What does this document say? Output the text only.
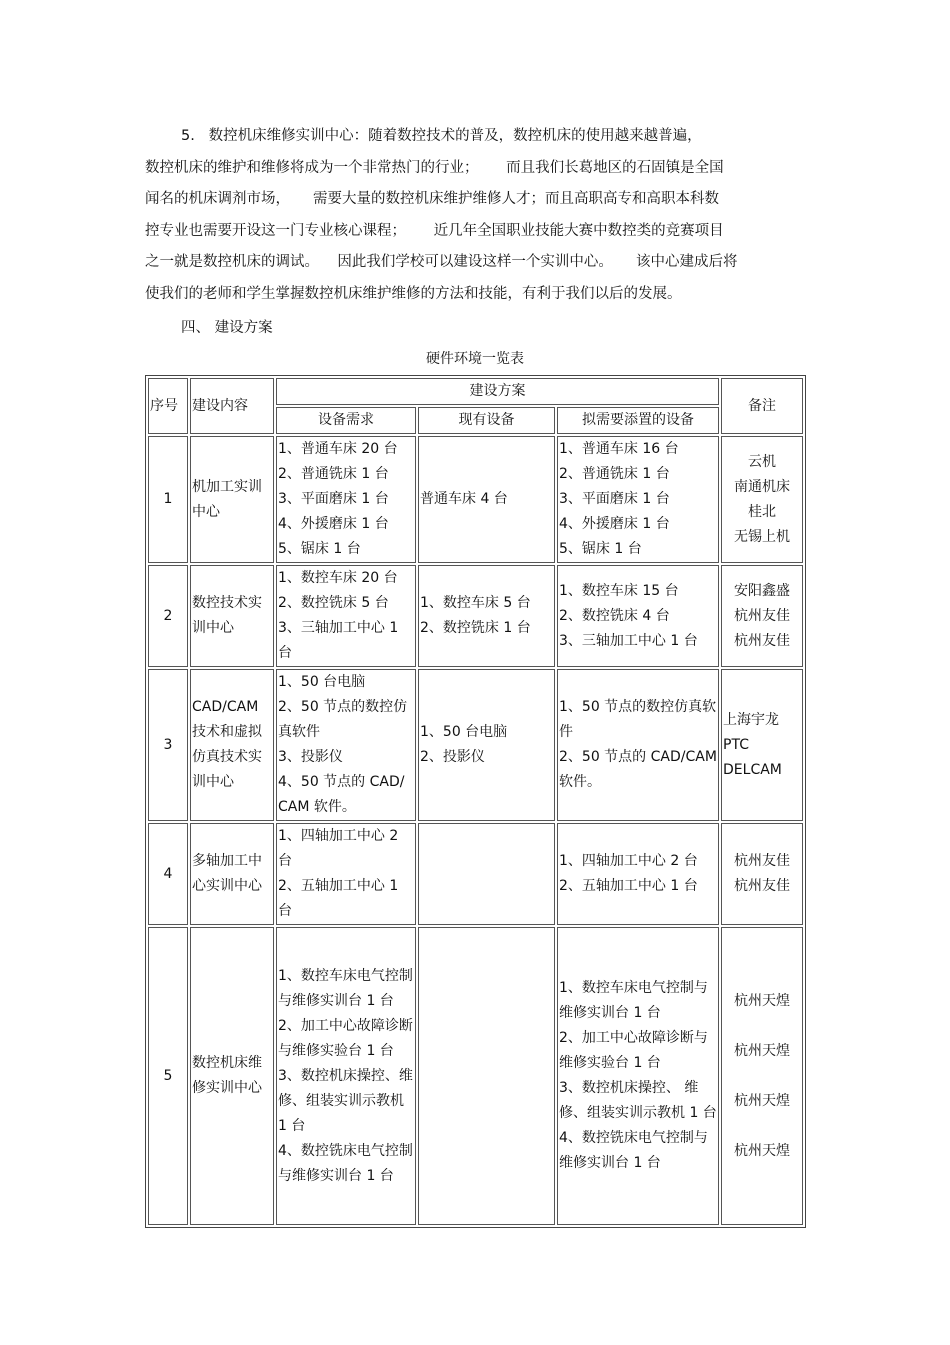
5.   数控机床维修实训中心：随着数控技术的普及，数控机床的使用越来越普遍，
数控机床的维护和维修将成为一个非常热门的行业；      而且我们长葛地区的石固镇是全国
闻名的机床调剂市场，     需要大量的数控机床维护维修人才；而且高职高专和高职本科数
控专业也需要开设这一门专业核心课程；      近几年全国职业技能大赛中数控类的竞赛项目
之一就是数控机床的调试。    因此我们学校可以建设这样一个实训中心。     该中心建成后将
使我们的老师和学生掌握数控机床维护维修的方法和技能，有利于我们以后的发展。
四、 建设方案
硬件环境一览表
序号	建设内容	建设方案			备注
		设备需求	现有设备	拟需要添置的设备	
1	机加工实训中心	1、普通车床 20 台
2、普通铣床 1 台
3、平面磨床 1 台
4、外援磨床 1 台
5、锯床 1 台	普通车床 4 台	1、普通车床 16 台
2、普通铣床 1 台
3、平面磨床 1 台
4、外援磨床 1 台
5、锯床 1 台	云机
南通机床
桂北
无锡上机

2	数控技术实训中心	1、数控车床 20 台
2、数控铣床 5 台
3、三轴加工中心 1 台	1、数控车床 5 台
2、数控铣床 1 台	1、数控车床 15 台
2、数控铣床 4 台
3、三轴加工中心 1 台	安阳鑫盛
杭州友佳
杭州友佳

3	CAD/CAM技术和虚拟仿真技术实训中心	1、50 台电脑
2、50 节点的数控仿真软件
3、投影仪
4、50 节点的 CAD/CAM 软件。	1、50 台电脑
2、投影仪	1、50 节点的数控仿真软件
2、50 节点的 CAD/CAM 软件。	上海宇龙
PTC
DELCAM

4	多轴加工中心实训中心	1、四轴加工中心 2 台
2、五轴加工中心 1 台		1、四轴加工中心 2 台
2、五轴加工中心 1 台	杭州友佳
杭州友佳

5	数控机床维修实训中心	1、数控车床电气控制与维修实训台 1 台
2、加工中心故障诊断与维修实验台 1 台
3、数控机床操控、维修、组装实训示教机 1 台
4、数控铣床电气控制与维修实训台 1 台		1、数控车床电气控制与维修实训台 1 台
2、加工中心故障诊断与维修实验台 1 台
3、数控机床操控、 维修、组装实训示教机 1 台
4、数控铣床电气控制与维修实训台 1 台	杭州天煌
杭州天煌
杭州天煌
杭州天煌
